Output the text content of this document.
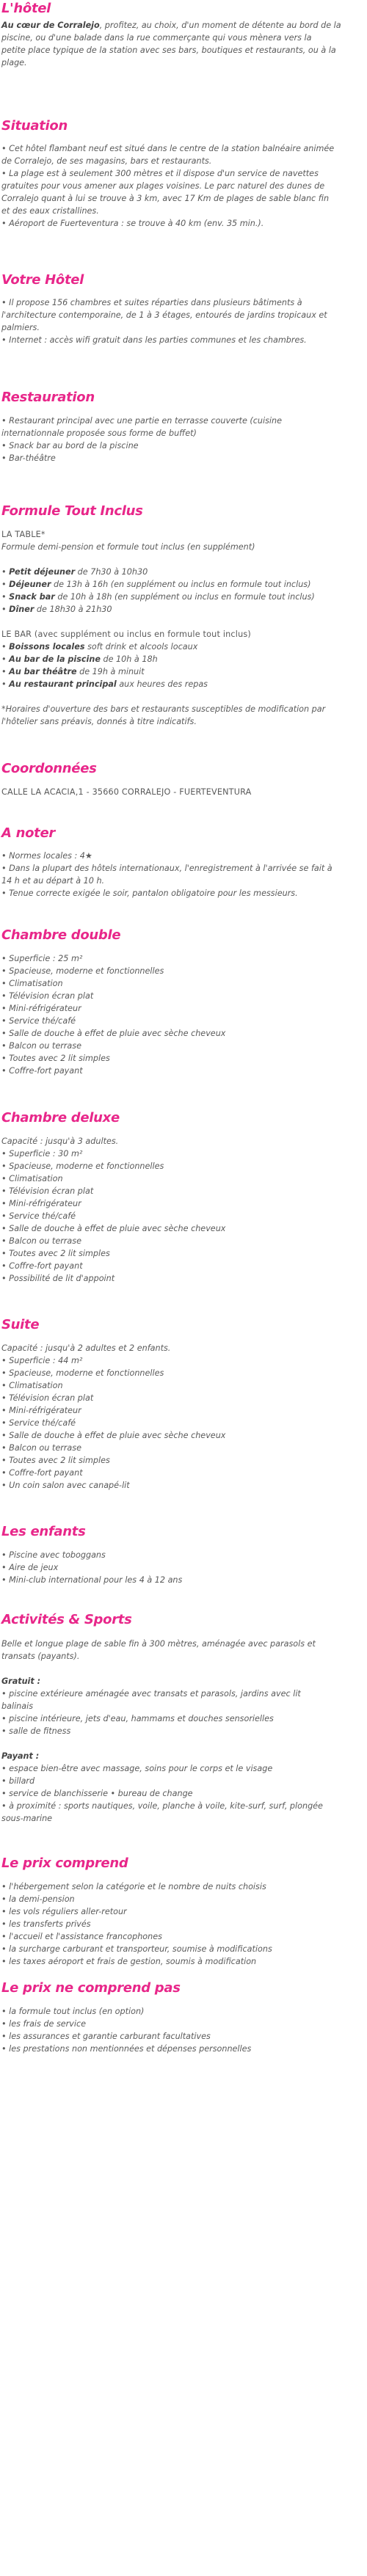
L'hôtel

Au cœur de Corralejo, profitez, au choix, d'un moment de détente au bord de la

piscine, ou d'une balade dans la rue commerçante qui vous mènera vers la

petite place typique de la station avec ses bars, boutiques et restaurants, ou à la

plage.

Situation

• Cet hôtel flambant neuf est situé dans le centre de la station balnéaire animée

de Corralejo, de ses magasins, bars et restaurants.

• La plage est à seulement 300 mètres et il dispose d'un service de navettes

gratuites pour vous amener aux plages voisines. Le parc naturel des dunes de

Corralejo quant à lui se trouve à 3 km, avec 17 Km de plages de sable blanc fin

et des eaux cristallines.

• Aéroport de Fuerteventura : se trouve à 40 km (env. 35 min.).

Votre Hôtel

• Il propose 156 chambres et suites réparties dans plusieurs bâtiments à

l'architecture contemporaine, de 1 à 3 étages, entourés de jardins tropicaux et

palmiers.

• Internet : accès wifi gratuit dans les parties communes et les chambres.

Restauration

• Restaurant principal avec une partie en terrasse couverte (cuisine

internationnale proposée sous forme de buffet)

• Snack bar au bord de la piscine

• Bar-théâtre

Formule Tout Inclus

LA TABLE*

Formule demi-pension et formule tout inclus (en supplément)

• Petit déjeuner de 7h30 à 10h30

• Déjeuner de 13h à 16h (en supplément ou inclus en formule tout inclus)

• Snack bar de 10h à 18h (en supplément ou inclus en formule tout inclus)

• Dîner de 18h30 à 21h30

LE BAR (avec supplément ou inclus en formule tout inclus)

• Boissons locales soft drink et alcools locaux

• Au bar de la piscine de 10h à 18h

• Au bar théâtre de 19h à minuit

• Au restaurant principal aux heures des repas

*Horaires d'ouverture des bars et restaurants susceptibles de modification par

l'hôtelier sans préavis, donnés à titre indicatifs.

Coordonnées

CALLE LA ACACIA,1 - 35660 CORRALEJO - FUERTEVENTURA

A noter

• Normes locales : 4★

• Dans la plupart des hôtels internationaux, l'enregistrement à l'arrivée se fait à

14 h et au départ à 10 h.

• Tenue correcte exigée le soir, pantalon obligatoire pour les messieurs.

Chambre double

• Superficie : 25 m²

• Spacieuse, moderne et fonctionnelles

• Climatisation

• Télévision écran plat

• Mini-réfrigérateur

• Service thé/café

• Salle de douche à effet de pluie avec sèche cheveux

• Balcon ou terrase

• Toutes avec 2 lit simples

• Coffre-fort payant

Chambre deluxe

Capacité : jusqu'à 3 adultes.

• Superficie : 30 m²

• Spacieuse, moderne et fonctionnelles

• Climatisation

• Télévision écran plat

• Mini-réfrigérateur

• Service thé/café

• Salle de douche à effet de pluie avec sèche cheveux

• Balcon ou terrase

• Toutes avec 2 lit simples

• Coffre-fort payant

• Possibilité de lit d'appoint

Suite

Capacité : jusqu'à 2 adultes et 2 enfants.

• Superficie : 44 m²

• Spacieuse, moderne et fonctionnelles

• Climatisation

• Télévision écran plat

• Mini-réfrigérateur

• Service thé/café

• Salle de douche à effet de pluie avec sèche cheveux

• Balcon ou terrase

• Toutes avec 2 lit simples

• Coffre-fort payant

• Un coin salon avec canapé-lit

Les enfants

• Piscine avec toboggans

• Aire de jeux

• Mini-club international pour les 4 à 12 ans

Activités & Sports

Belle et longue plage de sable fin à 300 mètres, aménagée avec parasols et

transats (payants).

Gratuit :

• piscine extérieure aménagée avec transats et parasols, jardins avec lit

balinais

• piscine intérieure, jets d'eau, hammams et douches sensorielles

• salle de fitness

Payant :

• espace bien-être avec massage, soins pour le corps et le visage

• billard

• service de blanchisserie • bureau de change

• à proximité : sports nautiques, voile, planche à voile, kite-surf, surf, plongée

sous-marine

Le prix comprend

• l'hébergement selon la catégorie et le nombre de nuits choisis

• la demi-pension

• les vols réguliers aller-retour

• les transferts privés

• l'accueil et l'assistance francophones

• la surcharge carburant et transporteur, soumise à modifications

• les taxes aéroport et frais de gestion, soumis à modification

Le prix ne comprend pas

• la formule tout inclus (en option)

• les frais de service

• les assurances et garantie carburant facultatives

• les prestations non mentionnées et dépenses personnelles
